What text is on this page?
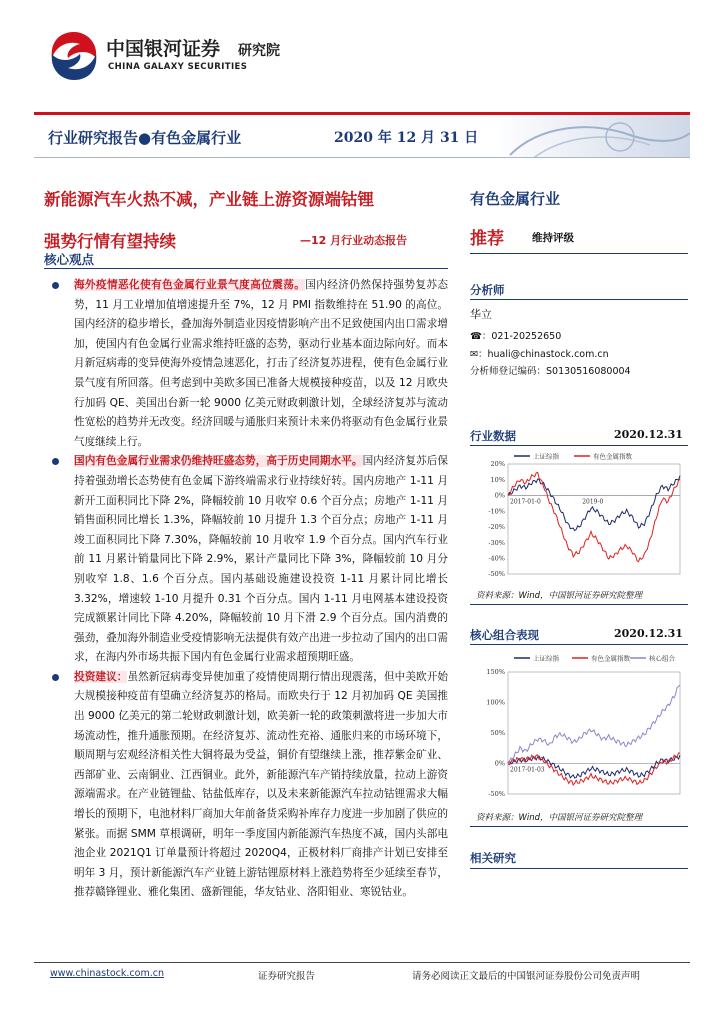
中国银河证券
CHINA GALAXY SECURITIES
研究院
行业研究报告●有色金属行业	2020 年 12 月 31 日
新能源汽车火热不减，产业链上游资源端钴锂
强势行情有望持续	—12 月行业动态报告
核心观点
海外疫情恶化使有色金属行业景气度高位震荡。国内经济仍然保持强势复苏态势，11 月工业增加值增速提升至 7%，12 月 PMI 指数维持在 51.90 的高位。国内经济的稳步增长，叠加海外制造业因疫情影响产出不足致使国内出口需求增加，使国内有色金属行业需求维持旺盛的态势，驱动行业基本面边际向好。而本月新冠病毒的变异使海外疫情急速恶化，打击了经济复苏进程，使有色金属行业景气度有所回落。但考虑到中美欧多国已准备大规模接种疫苗，以及 12 月欧央行加码 QE、美国出台新一轮 9000 亿美元财政刺激计划，全球经济复苏与流动性宽松的趋势并无改变。经济回暖与通胀归来预计未来仍将驱动有色金属行业景气度继续上行。
国内有色金属行业需求仍维持旺盛态势，高于历史同期水平。国内经济复苏后保持着强劲增长态势使有色金属下游终端需求行业持续好转。国内房地产 1-11 月新开工面积同比下降 2%，降幅较前 10 月收窄 0.6 个百分点；房地产 1-11 月销售面积同比增长 1.3%，降幅较前 10 月提升 1.3 个百分点；房地产 1-11 月竣工面积同比下降 7.30%，降幅较前 10 月收窄 1.9 个百分点。国内汽车行业前 11 月累计销量同比下降 2.9%，累计产量同比下降 3%，降幅较前 10 月分别收窄 1.8、1.6 个百分点。国内基础设施建设投资 1-11 月累计同比增长 3.32%，增速较 1-10 月提升 0.31 个百分点。国内 1-11 月电网基本建设投资完成额累计同比下降 4.20%，降幅较前 10 月下滑 2.9 个百分点。国内消费的强劲，叠加海外制造业受疫情影响无法提供有效产出进一步拉动了国内的出口需求，在海内外市场共振下国内有色金属行业需求超预期旺盛。
投资建议：虽然新冠病毒变异使加重了疫情使周期行情出现震荡，但中美欧开始大规模接种疫苗有望确立经济复苏的格局。而欧央行于 12 月初加码 QE 美国推出 9000 亿美元的第二轮财政刺激计划，欧美新一轮的政策刺激将进一步加大市场流动性，推升通胀预期。在经济复苏、流动性充裕、通胀归来的市场环境下，顺周期与宏观经济相关性大铜将最为受益，铜价有望继续上涨，推荐紫金矿业、西部矿业、云南铜业、江西铜业。此外，新能源汽车产销持续放量，拉动上游资源端需求。在产业链锂盐、钴盐低库存，以及未来新能源汽车拉动钴锂需求大幅增长的预期下，电池材料厂商加大年前备货采购补库存力度进一步加剧了供应的紧张。而据 SMM 草根调研，明年一季度国内新能源汽车热度不减，国内头部电池企业 2021Q1 订单量预计将超过 2020Q4，正极材料厂商排产计划已安排至明年 3 月，预计新能源汽车产业链上游钴锂原材料上涨趋势将至少延续至春节，推荐赣锋锂业、雅化集团、盛新锂能，华友钴业、洛阳钼业、寒锐钴业。
有色金属行业
推荐	维持评级
分析师
华立
☎：021-20252650
✉：huali@chinastock.com.cn
分析师登记编码：S0130516080004
行业数据	2020.12.31
上证综指	有色金属指数
20%
10%
0%
-10%
-20%
-30%
-40%
-50%
2017-01-0	2019-0
资料来源：Wind，中国银河证券研究院整理
核心组合表现	2020.12.31
上证综指	有色金属指数	核心组合
150%
100%
50%
0%
-50%
2017-01-03
资料来源：Wind，中国银河证券研究院整理
相关研究
www.chinastock.com.cn	证券研究报告	请务必阅读正文最后的中国银河证券股份公司免责声明
